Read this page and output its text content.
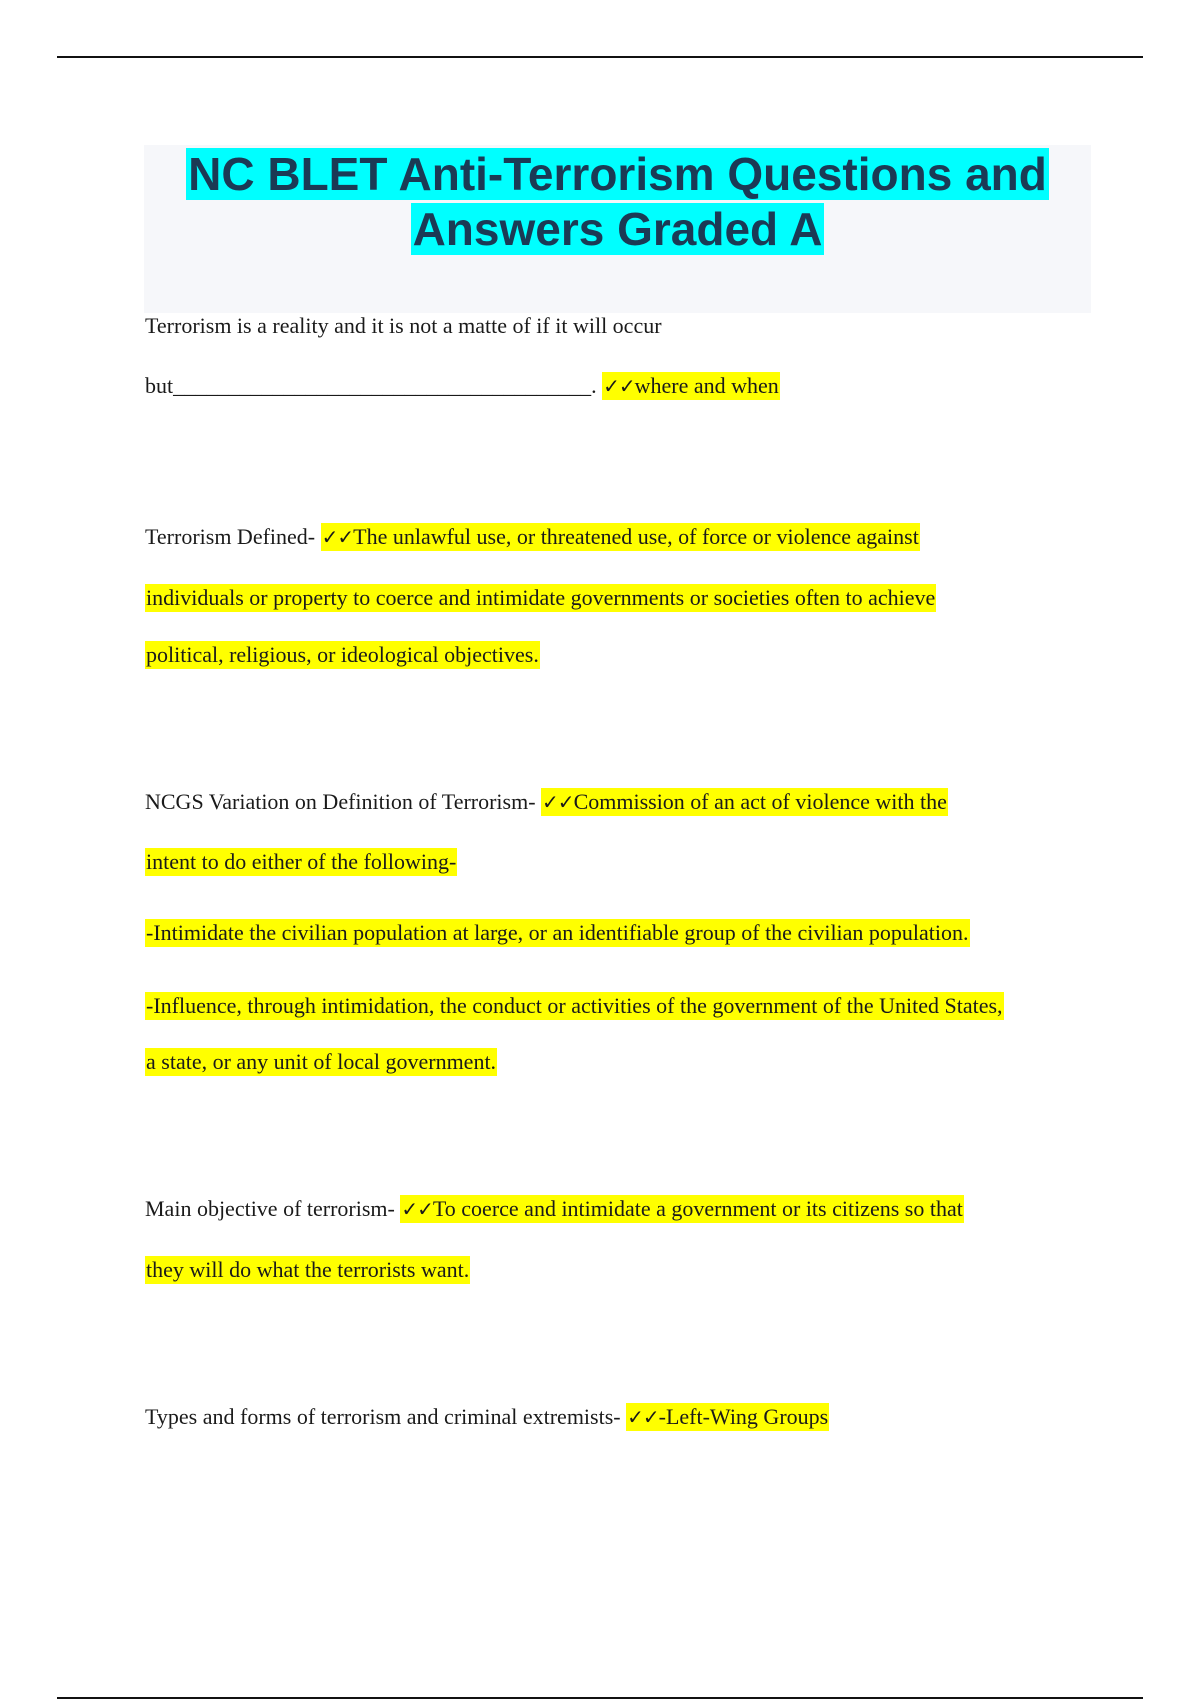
NC BLET Anti-Terrorism Questions and
Answers Graded A
Terrorism is a reality and it is not a matte of if it will occur
but______________________________________. ✓✓where and when
Terrorism Defined- ✓✓The unlawful use, or threatened use, of force or violence against
individuals or property to coerce and intimidate governments or societies often to achieve
political, religious, or ideological objectives.
NCGS Variation on Definition of Terrorism- ✓✓Commission of an act of violence with the
intent to do either of the following-
-Intimidate the civilian population at large, or an identifiable group of the civilian population.
-Influence, through intimidation, the conduct or activities of the government of the United States,
a state, or any unit of local government.
Main objective of terrorism- ✓✓To coerce and intimidate a government or its citizens so that
they will do what the terrorists want.
Types and forms of terrorism and criminal extremists- ✓✓-Left-Wing Groups
